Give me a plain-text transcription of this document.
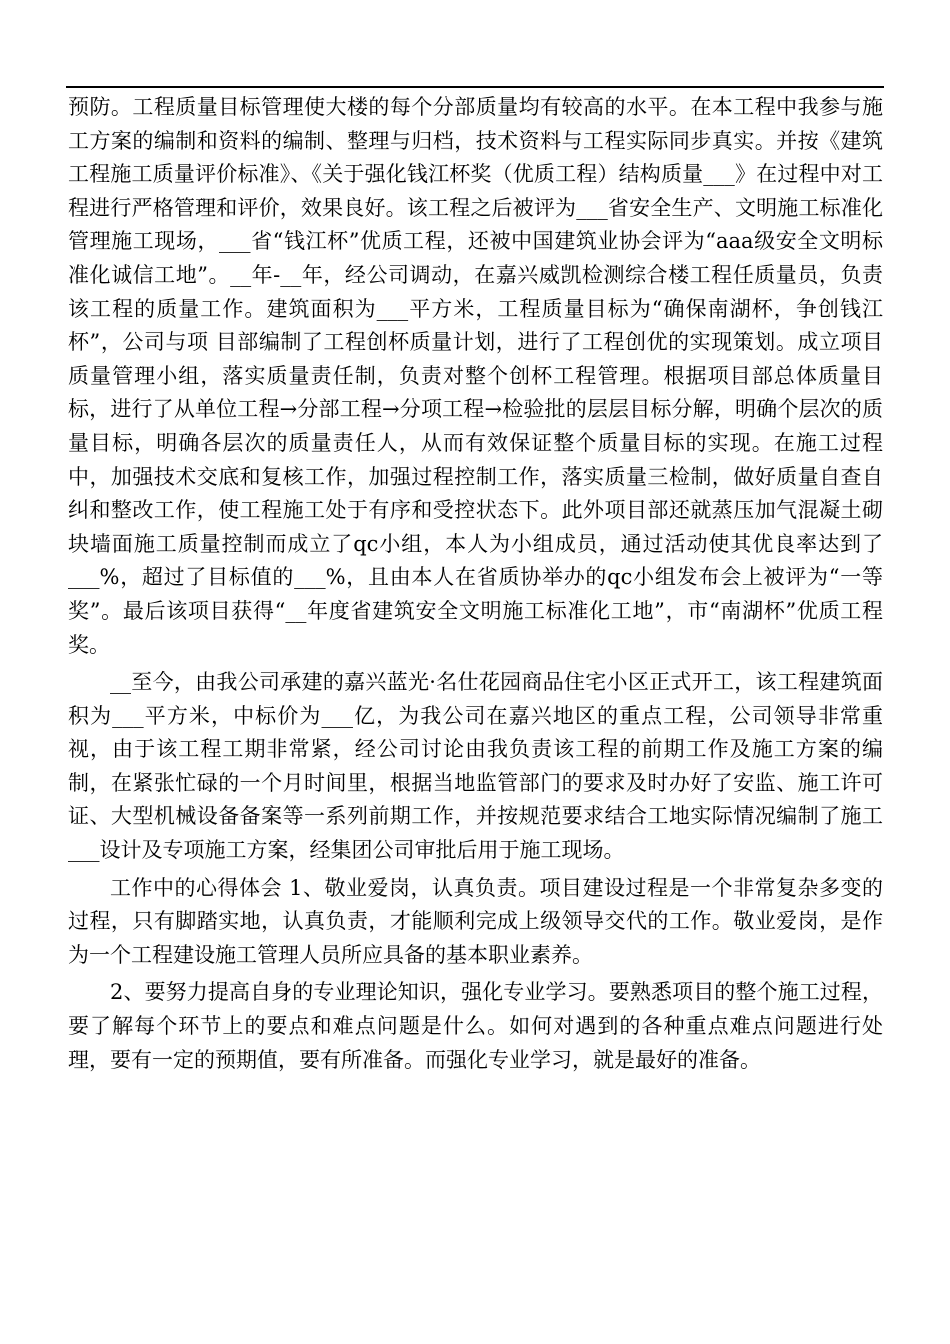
预防。工程质量目标管理使大楼的每个分部质量均有较高的水平。在本工程中我参与施工方案的编制和资料的编制、整理与归档，技术资料与工程实际同步真实。并按《建筑工程施工质量评价标准》、《关于强化钱江杯奖（优质工程）结构质量___》在过程中对工程进行严格管理和评价，效果良好。该工程之后被评为___省安全生产、文明施工标准化管理施工现场，___省“钱江杯”优质工程，还被中国建筑业协会评为“aaa级安全文明标准化诚信工地”。__年-__年，经公司调动，在嘉兴威凯检测综合楼工程任质量员，负责该工程的质量工作。建筑面积为___平方米，工程质量目标为“确保南湖杯，争创钱江杯”，公司与项 目部编制了工程创杯质量计划，进行了工程创优的实现策划。成立项目质量管理小组，落实质量责任制，负责对整个创杯工程管理。根据项目部总体质量目标，进行了从单位工程→分部工程→分项工程→检验批的层层目标分解，明确个层次的质量目标，明确各层次的质量责任人，从而有效保证整个质量目标的实现。在施工过程中，加强技术交底和复核工作，加强过程控制工作，落实质量三检制，做好质量自查自纠和整改工作，使工程施工处于有序和受控状态下。此外项目部还就蒸压加气混凝土砌块墙面施工质量控制而成立了qc小组，本人为小组成员，通过活动使其优良率达到了___%，超过了目标值的___%，且由本人在省质协举办的qc小组发布会上被评为“一等奖”。最后该项目获得“__年度省建筑安全文明施工标准化工地”，市“南湖杯”优质工程奖。

__至今，由我公司承建的嘉兴蓝光·名仕花园商品住宅小区正式开工，该工程建筑面积为___平方米，中标价为___亿，为我公司在嘉兴地区的重点工程，公司领导非常重视，由于该工程工期非常紧，经公司讨论由我负责该工程的前期工作及施工方案的编制，在紧张忙碌的一个月时间里，根据当地监管部门的要求及时办好了安监、施工许可证、大型机械设备备案等一系列前期工作，并按规范要求结合工地实际情况编制了施工___设计及专项施工方案，经集团公司审批后用于施工现场。

工作中的心得体会 1、敬业爱岗，认真负责。项目建设过程是一个非常复杂多变的过程，只有脚踏实地，认真负责，才能顺利完成上级领导交代的工作。敬业爱岗，是作为一个工程建设施工管理人员所应具备的基本职业素养。

2、要努力提高自身的专业理论知识，强化专业学习。要熟悉项目的整个施工过程，要了解每个环节上的要点和难点问题是什么。如何对遇到的各种重点难点问题进行处理，要有一定的预期值，要有所准备。而强化专业学习，就是最好的准备。
